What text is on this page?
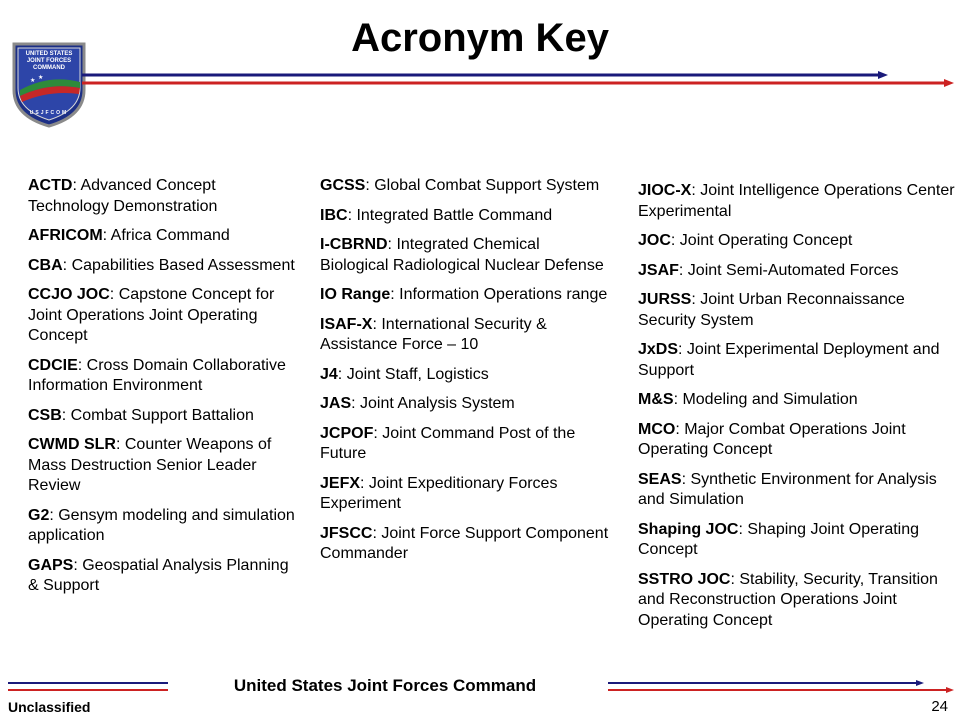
Acronym Key
UNITED STATES
JOINT FORCES
COMMAND
★ ★
USJFCOM
ACTD: Advanced Concept Technology Demonstration
AFRICOM: Africa Command
CBA: Capabilities Based Assessment
CCJO JOC: Capstone Concept for Joint Operations Joint Operating Concept
CDCIE: Cross Domain Collaborative Information Environment
CSB: Combat Support Battalion
CWMD SLR: Counter Weapons of Mass Destruction Senior Leader Review
G2: Gensym modeling and simulation application
GAPS: Geospatial Analysis Planning & Support
GCSS: Global Combat Support System
IBC: Integrated Battle Command
I-CBRND: Integrated Chemical Biological Radiological Nuclear Defense
IO Range: Information Operations range
ISAF-X: International Security & Assistance Force – 10
J4: Joint Staff, Logistics
JAS: Joint Analysis System
JCPOF: Joint Command Post of the Future
JEFX: Joint Expeditionary Forces Experiment
JFSCC: Joint Force Support Component Commander
JIOC-X: Joint Intelligence Operations Center Experimental
JOC: Joint Operating Concept
JSAF: Joint Semi-Automated Forces
JURSS: Joint Urban Reconnaissance Security System
JxDS: Joint Experimental Deployment and Support
M&S: Modeling and Simulation
MCO: Major Combat Operations Joint Operating Concept
SEAS: Synthetic Environment for Analysis and Simulation
Shaping JOC: Shaping Joint Operating Concept
SSTRO JOC: Stability, Security, Transition and Reconstruction Operations Joint Operating Concept
United States Joint Forces Command
Unclassified	24
